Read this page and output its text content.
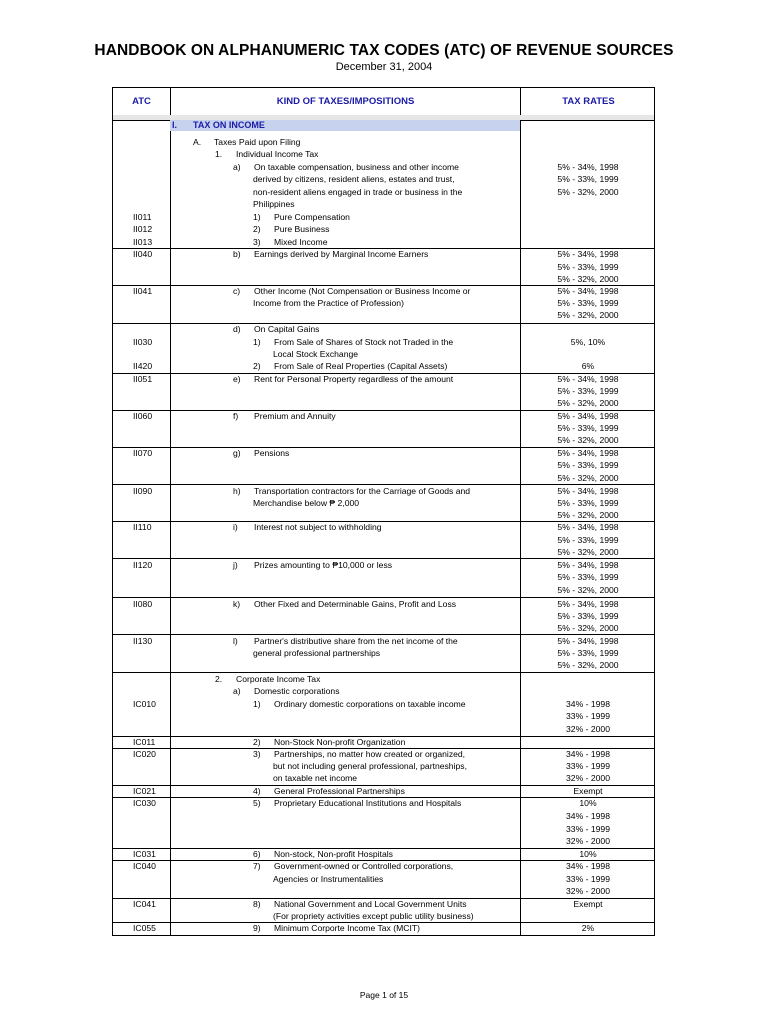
HANDBOOK ON ALPHANUMERIC TAX CODES (ATC) OF REVENUE SOURCES
December 31, 2004
ATC	KIND OF TAXES/IMPOSITIONS	TAX RATES
I. TAX ON INCOME
A. Taxes Paid upon Filing
1. Individual Income Tax
a) On taxable compensation, business and other income	5% - 34%, 1998
derived by citizens, resident aliens, estates and trust,	5% - 33%, 1999
non-resident aliens engaged in trade or business in the	5% - 32%, 2000
Philippines
II011	1) Pure Compensation
II012	2) Pure Business
II013	3) Mixed Income
II040	b) Earnings derived by Marginal Income Earners	5% - 34%, 1998
5% - 33%, 1999
5% - 32%, 2000
II041	c) Other Income (Not Compensation or Business Income or	5% - 34%, 1998
Income from the Practice of Profession)	5% - 33%, 1999
5% - 32%, 2000
d) On Capital Gains
II030	1) From Sale of Shares of Stock not Traded in the	5%, 10%
Local Stock Exchange
II420	2) From Sale of Real Properties (Capital Assets)	6%
II051	e) Rent for Personal Property regardless of the amount	5% - 34%, 1998
5% - 33%, 1999
5% - 32%, 2000
II060	f) Premium and Annuity	5% - 34%, 1998
5% - 33%, 1999
5% - 32%, 2000
II070	g) Pensions	5% - 34%, 1998
5% - 33%, 1999
5% - 32%, 2000
II090	h) Transportation contractors for the Carriage of Goods and	5% - 34%, 1998
Merchandise below ₱ 2,000	5% - 33%, 1999
5% - 32%, 2000
II110	i) Interest not subject to withholding	5% - 34%, 1998
5% - 33%, 1999
5% - 32%, 2000
II120	j) Prizes amounting to ₱10,000 or less	5% - 34%, 1998
5% - 33%, 1999
5% - 32%, 2000
II080	k) Other Fixed and Determinable Gains, Profit and Loss	5% - 34%, 1998
5% - 33%, 1999
5% - 32%, 2000
II130	l) Partner's distributive share from the net income of the	5% - 34%, 1998
general professional partnerships	5% - 33%, 1999
5% - 32%, 2000
2. Corporate Income Tax
a) Domestic corporations
IC010	1) Ordinary domestic corporations on taxable income	34% - 1998
33% - 1999
32% - 2000
IC011	2) Non-Stock Non-profit Organization
IC020	3) Partnerships, no matter how created or organized,	34% - 1998
but not including general professional, partneships,	33% - 1999
on taxable net income	32% - 2000
IC021	4) General Professional Partnerships	Exempt
IC030	5) Proprietary Educational Institutions and Hospitals	10%
34% - 1998
33% - 1999
32% - 2000
IC031	6) Non-stock, Non-profit Hospitals	10%
IC040	7) Government-owned or Controlled corporations,	34% - 1998
Agencies or Instrumentalities	33% - 1999
32% - 2000
IC041	8) National Government and Local Government Units	Exempt
(For propriety activities except public utility business)
IC055	9) Minimum Corporte Income Tax (MCIT)	2%
Page 1 of 15
